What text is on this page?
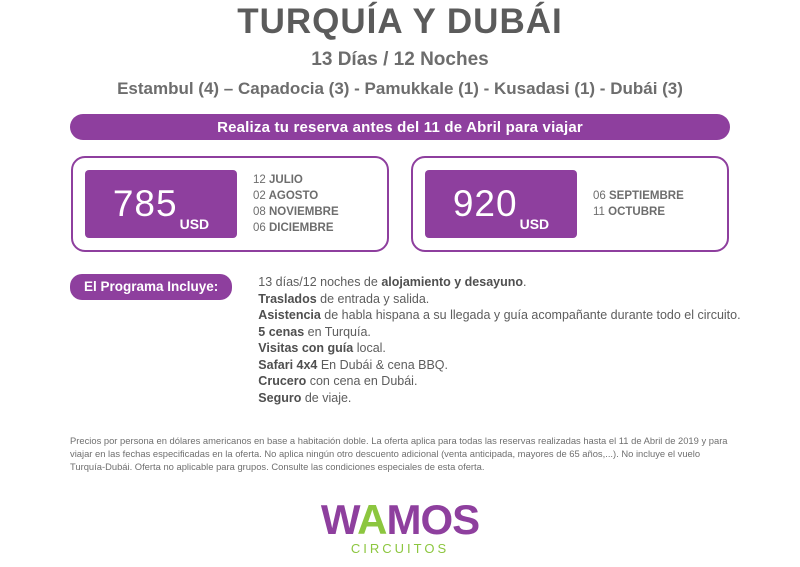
TURQUÍA Y DUBÁI
13 Días / 12 Noches
Estambul (4) – Capadocia (3) - Pamukkale (1) - Kusadasi (1) - Dubái (3)
Realiza tu reserva antes del 11 de Abril para viajar
785 USD
12 JULIO
02 AGOSTO
08 NOVIEMBRE
06 DICIEMBRE
920 USD
06 SEPTIEMBRE
11 OCTUBRE
El Programa Incluye:	13 días/12 noches de alojamiento y desayuno.
Traslados de entrada y salida.
Asistencia de habla hispana a su llegada y guía acompañante durante todo el circuito.
5 cenas en Turquía.
Visitas con guía local.
Safari 4x4 En Dubái & cena BBQ.
Crucero con cena en Dubái.
Seguro de viaje.
Precios por persona en dólares americanos en base a habitación doble. La oferta aplica para todas las reservas realizadas hasta el 11 de Abril de 2019 y para viajar en las fechas especificadas en la oferta. No aplica ningún otro descuento adicional (venta anticipada, mayores de 65 años,...). No incluye el vuelo Turquía-Dubái. Oferta no aplicable para grupos. Consulte las condiciones especiales de esta oferta.
WAMOS
CIRCUITOS
